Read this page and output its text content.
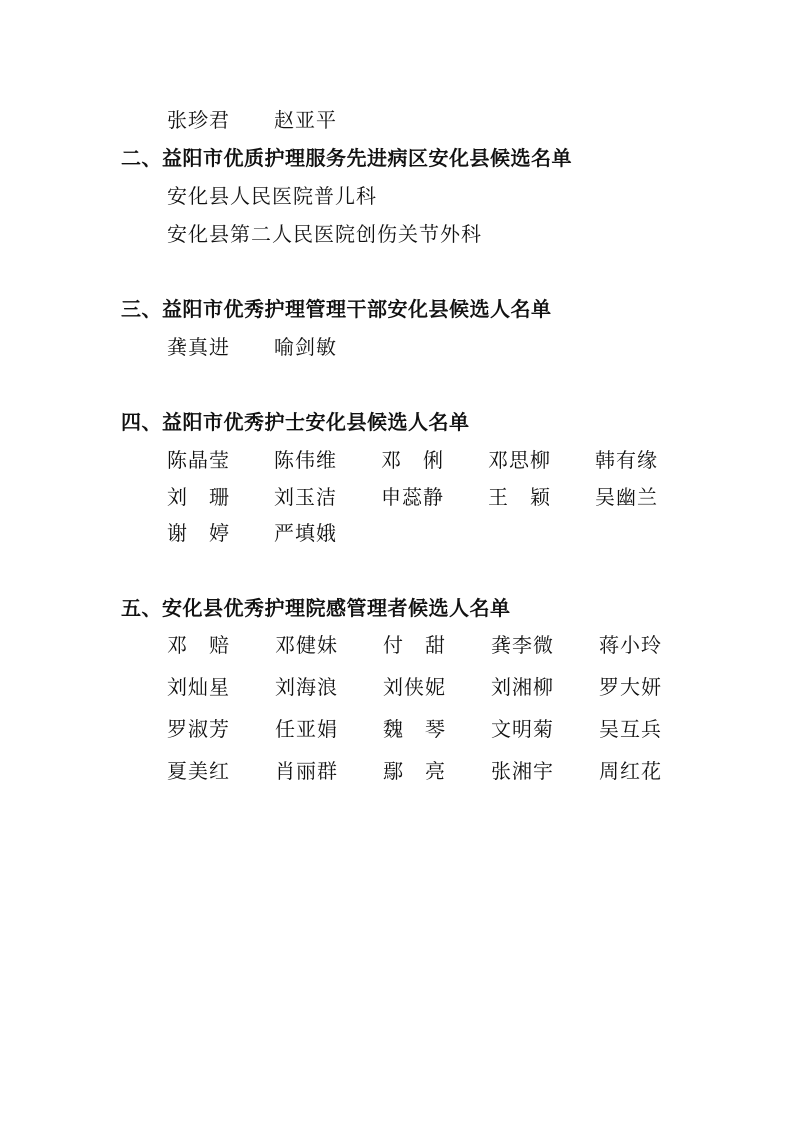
张珍君 赵亚平
二、益阳市优质护理服务先进病区安化县候选名单
安化县人民医院普儿科
安化县第二人民医院创伤关节外科
三、益阳市优秀护理管理干部安化县候选人名单
龚真进 喻剑敏
四、益阳市优秀护士安化县候选人名单
陈晶莹 陈伟维 邓　俐 邓思柳 韩有缘
刘　珊 刘玉洁 申蕊静 王　颖 吴幽兰
谢　婷 严填娥
五、安化县优秀护理院感管理者候选人名单
邓　赔 邓健妹 付　甜 龚李微 蒋小玲
刘灿星 刘海浪 刘侠妮 刘湘柳 罗大妍
罗淑芳 任亚娟 魏　琴 文明菊 吴互兵
夏美红 肖丽群 鄢　亮 张湘宇 周红花
